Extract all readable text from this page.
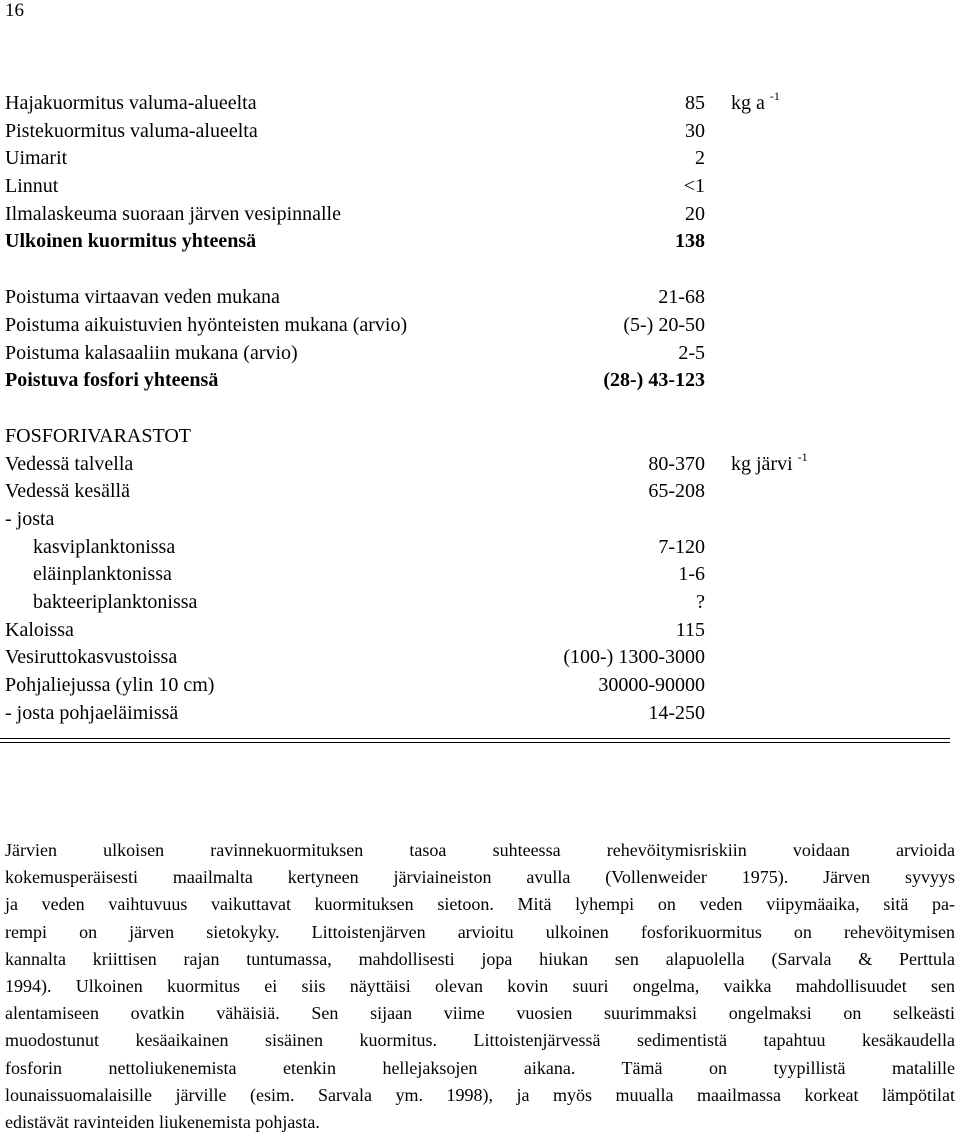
16
Hajakuormitus valuma-alueelta	85 kg a $^{-1}$
Pistekuormitus valuma-alueelta	30
Uimarit	2
Linnut	<1
Ilmalaskeuma suoraan järven vesipinnalle	20
Ulkoinen kuormitus yhteensä	138
Poistuma virtaavan veden mukana	21-68
Poistuma aikuistuvien hyönteisten mukana (arvio)	(5-) 20-50
Poistuma kalasaaliin mukana (arvio)	2-5
Poistuva fosfori yhteensä	(28-) 43-123
FOSFORIVARASTOT
Vedessä talvella	80-370 kg järvi $^{-1}$
Vedessä kesällä	65-208
- josta
kasviplanktonissa	7-120
eläinplanktonissa	1-6
bakteeriplanktonissa	?
Kaloissa	115
Vesiruttokasvustoissa	(100-) 1300-3000
Pohjaliejussa (ylin 10 cm)	30000-90000
- josta pohjaeläimissä	14-250
Järvien ulkoisen ravinnekuormituksen tasoa suhteessa rehevöitymisriskiin voidaan arvioida
kokemusperäisesti maailmalta kertyneen järviaineiston avulla (Vollenweider 1975). Järven syvyys
ja veden vaihtuvuus vaikuttavat kuormituksen sietoon. Mitä lyhempi on veden viipymäaika, sitä pa-
rempi on järven sietokyky. Littoistenjärven arvioitu ulkoinen fosforikuormitus on rehevöitymisen
kannalta kriittisen rajan tuntumassa, mahdollisesti jopa hiukan sen alapuolella (Sarvala & Perttula
1994). Ulkoinen kuormitus ei siis näyttäisi olevan kovin suuri ongelma, vaikka mahdollisuudet sen
alentamiseen ovatkin vähäisiä. Sen sijaan viime vuosien suurimmaksi ongelmaksi on selkeästi
muodostunut kesäaikainen sisäinen kuormitus. Littoistenjärvessä sedimentistä tapahtuu kesäkaudella
fosforin nettoliukenemista etenkin hellejaksojen aikana. Tämä on tyypillistä matalille
lounaissuomalaisille järville (esim. Sarvala ym. 1998), ja myös muualla maailmassa korkeat lämpötilat
edistävät ravinteiden liukenemista pohjasta.
